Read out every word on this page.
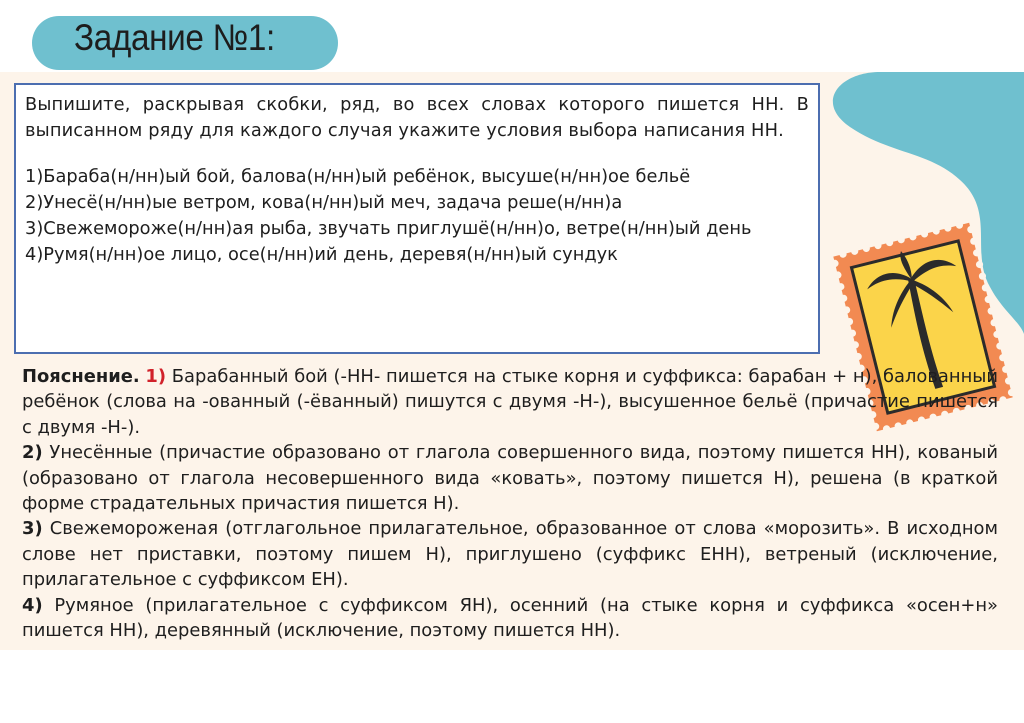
Задание №1:

Выпишите, раскрывая скобки, ряд, во всех словах которого пишется НН. В выписанном ряду для каждого случая укажите условия выбора написания НН.

1) Бараба(н/нн)ый бой, балова(н/нн)ый ребёнок, высуше(н/нн)ое бельё
2) Унесё(н/нн)ые ветром, кова(н/нн)ый меч, задача реше(н/нн)а
3) Свежемороже(н/нн)ая рыба, звучать приглушё(н/нн)о, ветре(н/нн)ый день
4) Румя(н/нн)ое лицо, осе(н/нн)ий день, деревя(н/нн)ый сундук

Пояснение. 1) Барабанный бой (-НН- пишется на стыке корня и суффикса: барабан + н), балованный ребёнок (слова на -ованный (-ёванный) пишутся с двумя -Н-), высушенное бельё (причастие пишется с двумя -Н-).

2) Унесённые (причастие образовано от глагола совершенного вида, поэтому пишется НН), кованый (образовано от глагола несовершенного вида «ковать», поэтому пишется Н), решена (в краткой форме страдательных причастия пишется Н).

3) Свежемороженая (отглагольное прилагательное, образованное от слова «морозить». В исходном слове нет приставки, поэтому пишем Н), приглушено (суффикс ЕНН), ветреный (исключение, прилагательное с суффиксом ЕН).

4) Румяное (прилагательное с суффиксом ЯН), осенний (на стыке корня и суффикса «осен+н» пишется НН), деревянный (исключение, поэтому пишется НН).
